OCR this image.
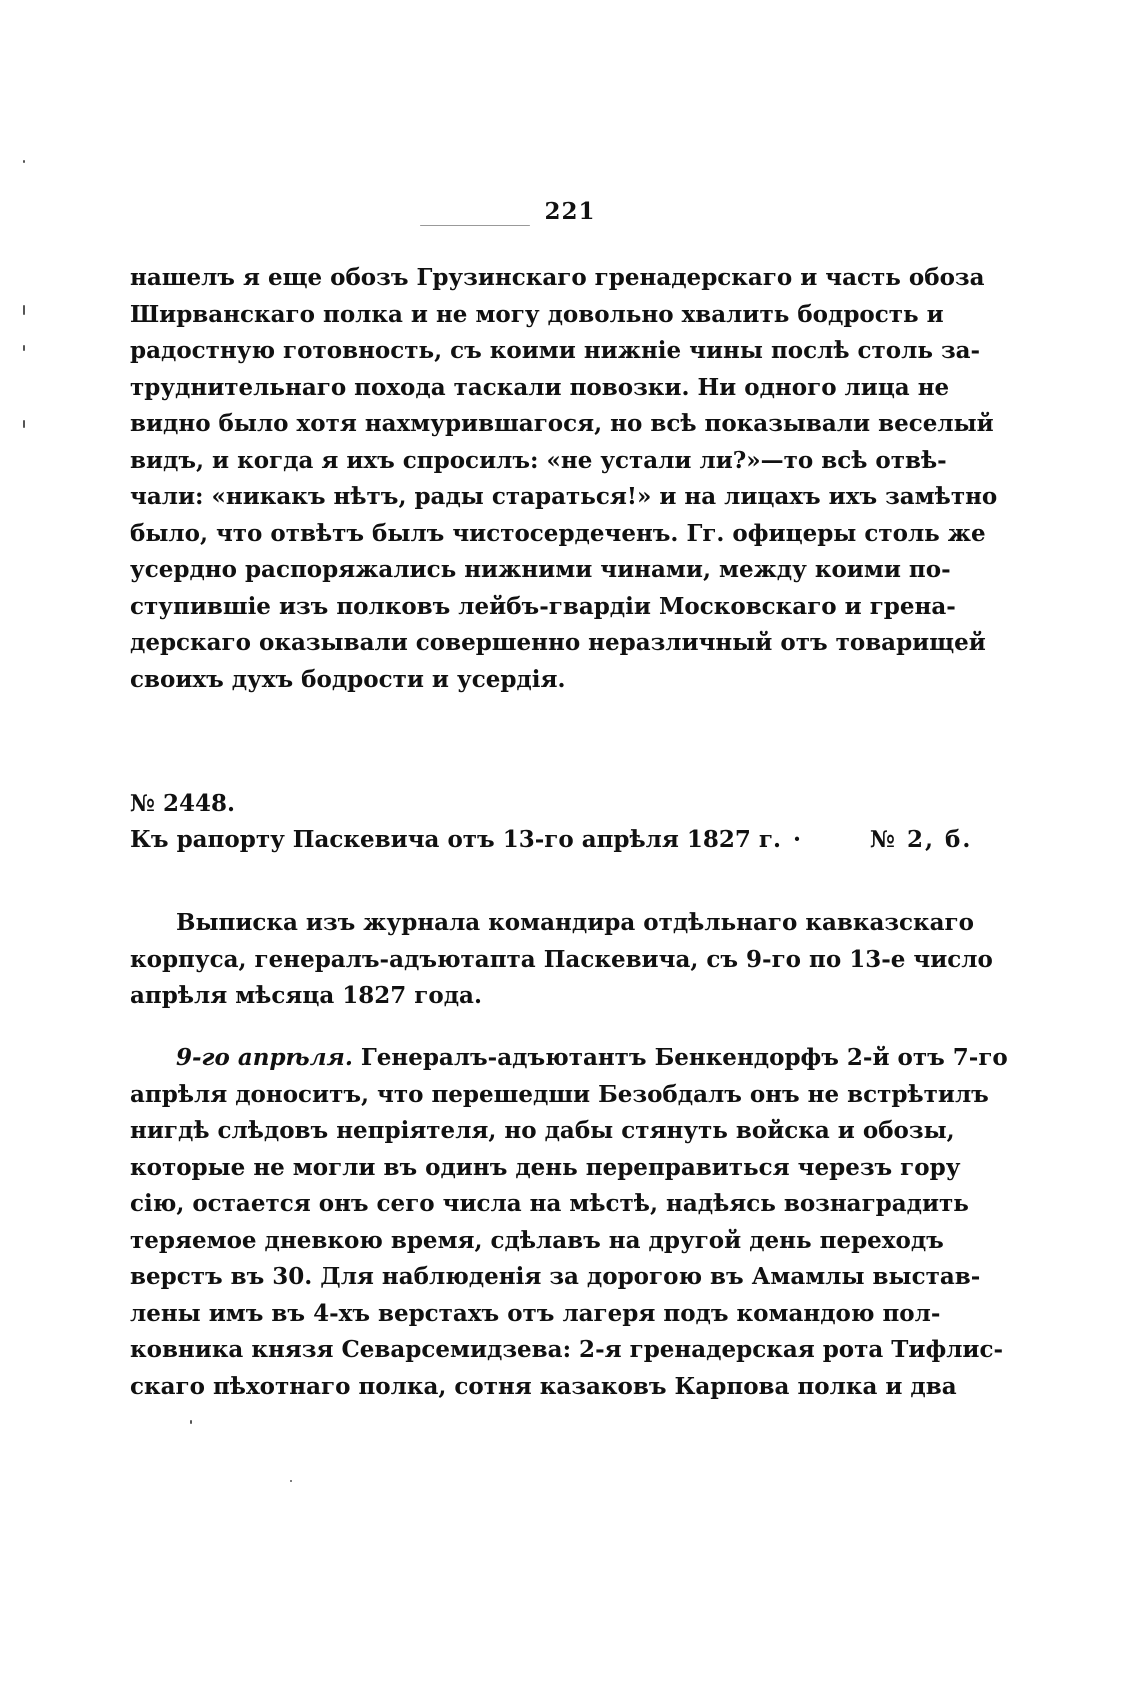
221
нашелъ я еще обозъ Грузинскаго гренадерскаго и часть обоза
Ширванскаго полка и не могу довольно хвалить бодрость и
радостную готовность, съ коими нижніе чины послѣ столь за-
труднительнаго похода таскали повозки. Ни одного лица не
видно было хотя нахмурившагося, но всѣ показывали веселый
видъ, и когда я ихъ спросилъ: «не устали ли?»—то всѣ отвѣ-
чали: «никакъ нѣтъ, рады стараться!» и на лицахъ ихъ замѣтно
было, что отвѣтъ былъ чистосердеченъ. Гг. офицеры столь же
усердно распоряжались нижними чинами, между коими по-
ступившіе изъ полковъ лейбъ-гвардіи Московскаго и грена-
дерскаго оказывали совершенно неразличный отъ товарищей
своихъ духъ бодрости и усердія.
№ 2448.
Къ рапорту Паскевича отъ 13-го апрѣля 1827 г. ·	№ 2, б.
Выписка изъ журнала командира отдѣльнаго кавказскаго
корпуса, генералъ-адъютапта Паскевича, съ 9-го по 13-е число
апрѣля мѣсяца 1827 года.
9-го апрѣля. Генералъ-адъютантъ Бенкендорфъ 2-й отъ 7-го
апрѣля доноситъ, что перешедши Безобдалъ онъ не встрѣтилъ
нигдѣ слѣдовъ непріятеля, но дабы стянуть войска и обозы,
которые не могли въ одинъ день переправиться черезъ гору
сію, остается онъ сего числа на мѣстѣ, надѣясь вознаградить
теряемое дневкою время, сдѣлавъ на другой день переходъ
верстъ въ 30. Для наблюденія за дорогою въ Амамлы выстав-
лены имъ въ 4-хъ верстахъ отъ лагеря подъ командою пол-
ковника князя Севарсемидзева: 2-я гренадерская рота Тифлис-
скаго пѣхотнаго полка, сотня казаковъ Карпова полка и два
